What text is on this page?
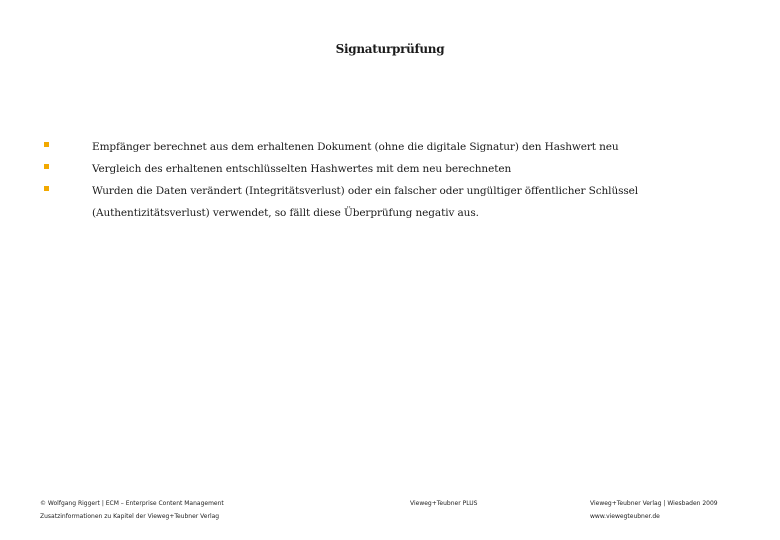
Signaturprüfung
Empfänger berechnet aus dem erhaltenen Dokument (ohne die digitale Signatur) den Hashwert neu
Vergleich des erhaltenen entschlüsselten Hashwertes mit dem neu berechneten
Wurden die Daten verändert (Integritätsverlust) oder ein falscher oder ungültiger öffentlicher Schlüssel (Authentizitätsverlust) verwendet, so fällt diese Überprüfung negativ aus.
© Wolfgang Riggert | ECM – Enterprise Content Management
Zusatzinformationen zu Kapitel der Vieweg+Teubner Verlag
Vieweg+Teubner PLUS	Vieweg+Teubner Verlag | Wiesbaden 2009
www.viewegteubner.de
